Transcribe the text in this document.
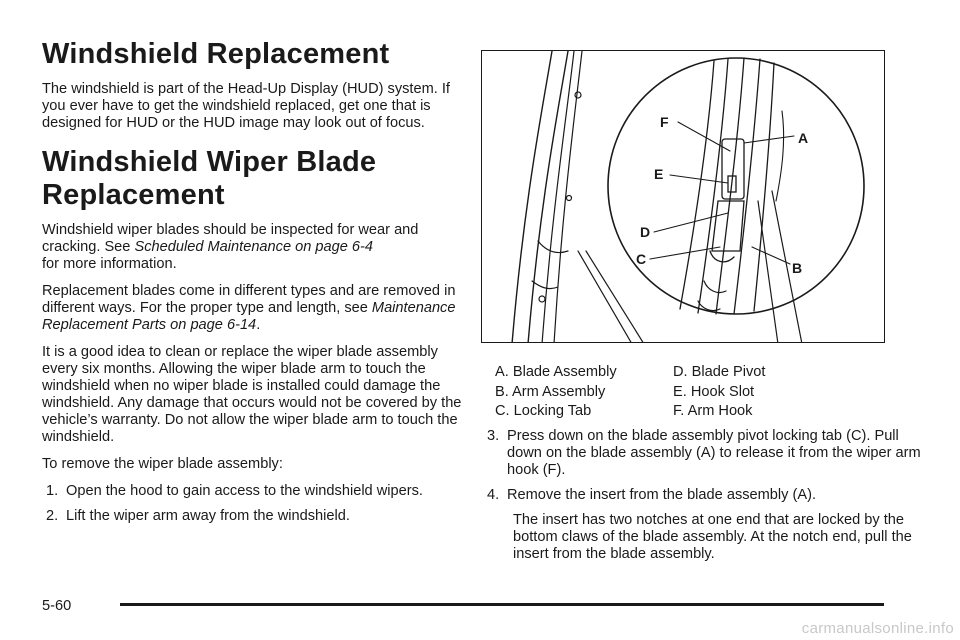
Windshield Replacement

The windshield is part of the Head-Up Display (HUD) system. If you ever have to get the windshield replaced, get one that is designed for HUD or the HUD image may look out of focus.

Windshield Wiper Blade
Replacement

Windshield wiper blades should be inspected for wear and cracking. See Scheduled Maintenance on page 6-4
for more information.

Replacement blades come in different types and are removed in different ways. For the proper type and length, see Maintenance Replacement Parts on page 6-14.

It is a good idea to clean or replace the wiper blade assembly every six months. Allowing the wiper blade arm to touch the windshield when no wiper blade is installed could damage the windshield. Any damage that occurs would not be covered by the vehicle’s warranty. Do not allow the wiper blade arm to touch the windshield.

To remove the wiper blade assembly:

1. Open the hood to gain access to the windshield wipers.
2. Lift the wiper arm away from the windshield.
F
A
E
D
C
B
A. Blade Assembly	D. Blade Pivot
B. Arm Assembly	E. Hook Slot
C. Locking Tab	F. Arm Hook
3. Press down on the blade assembly pivot locking tab (C). Pull down on the blade assembly (A) to release it from the wiper arm hook (F).
4. Remove the insert from the blade assembly (A).

The insert has two notches at one end that are locked by the bottom claws of the blade assembly. At the notch end, pull the insert from the blade assembly.

5-60
carmanualsonline.info
